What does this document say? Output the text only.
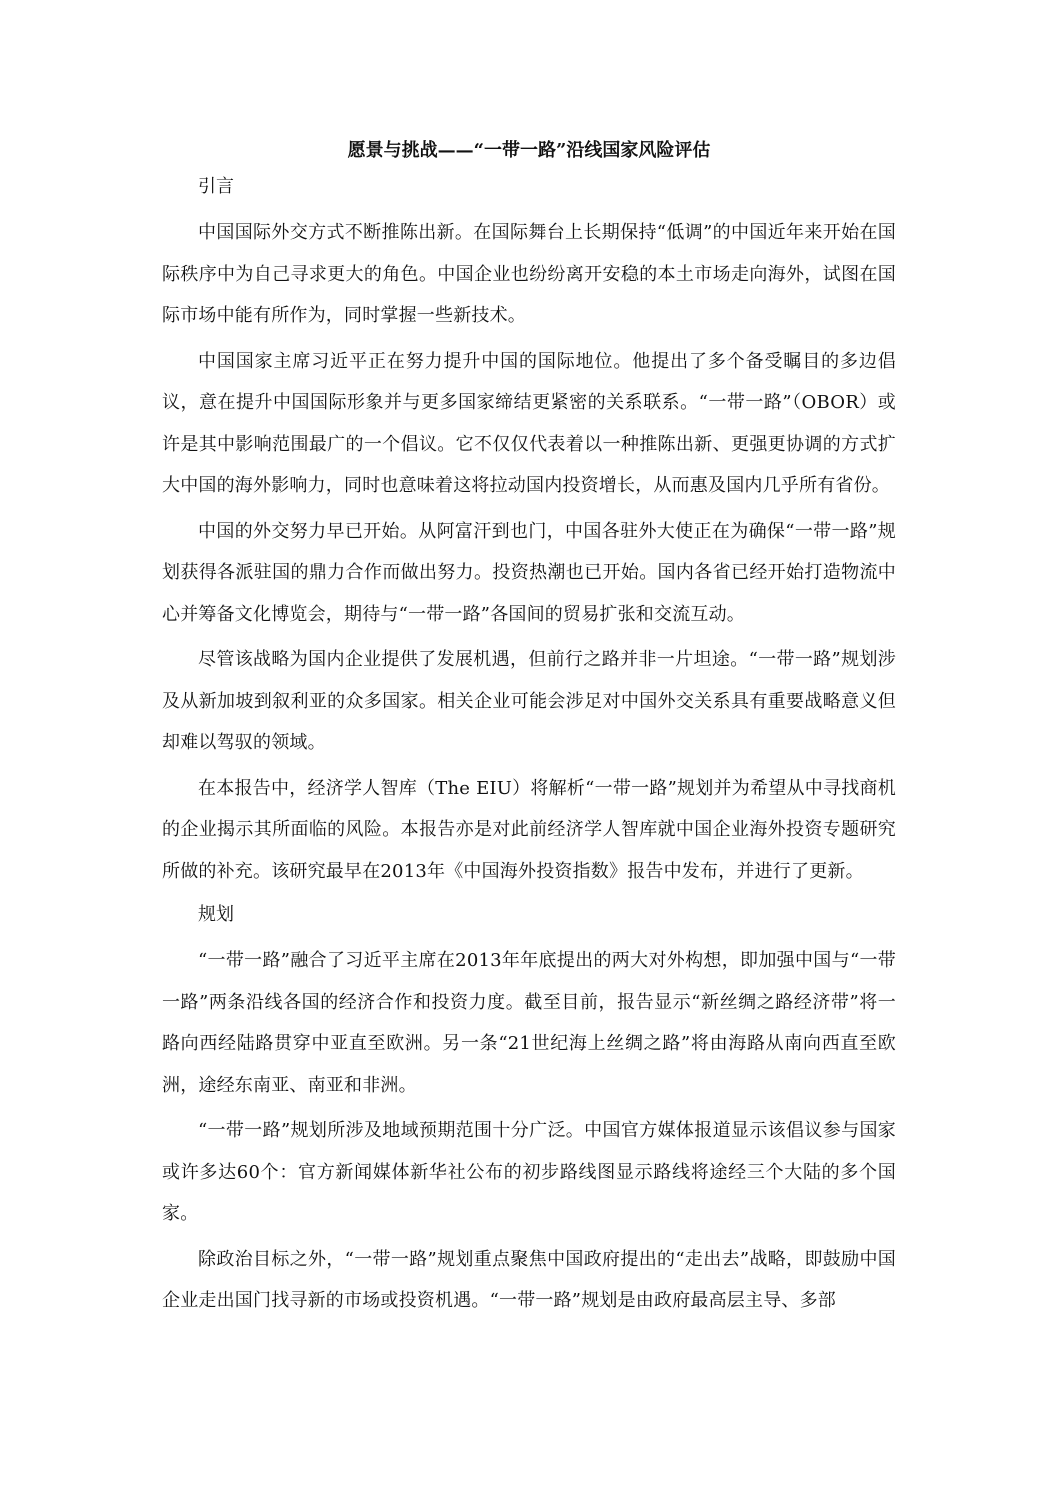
愿景与挑战——“一带一路”沿线国家风险评估
引言

中国国际外交方式不断推陈出新。在国际舞台上长期保持“低调”的中国近年来开始在国际秩序中为自己寻求更大的角色。中国企业也纷纷离开安稳的本土市场走向海外，试图在国际市场中能有所作为，同时掌握一些新技术。

中国国家主席习近平正在努力提升中国的国际地位。他提出了多个备受瞩目的多边倡议，意在提升中国国际形象并与更多国家缔结更紧密的关系联系。“一带一路”（OBOR）或许是其中影响范围最广的一个倡议。它不仅仅代表着以一种推陈出新、更强更协调的方式扩大中国的海外影响力，同时也意味着这将拉动国内投资增长，从而惠及国内几乎所有省份。

中国的外交努力早已开始。从阿富汗到也门，中国各驻外大使正在为确保“一带一路”规划获得各派驻国的鼎力合作而做出努力。投资热潮也已开始。国内各省已经开始打造物流中心并筹备文化博览会，期待与“一带一路”各国间的贸易扩张和交流互动。

尽管该战略为国内企业提供了发展机遇，但前行之路并非一片坦途。“一带一路”规划涉及从新加坡到叙利亚的众多国家。相关企业可能会涉足对中国外交关系具有重要战略意义但却难以驾驭的领域。

在本报告中，经济学人智库（The EIU）将解析“一带一路”规划并为希望从中寻找商机的企业揭示其所面临的风险。本报告亦是对此前经济学人智库就中国企业海外投资专题研究所做的补充。该研究最早在2013年《中国海外投资指数》报告中发布，并进行了更新。

规划

“一带一路”融合了习近平主席在2013年年底提出的两大对外构想，即加强中国与“一带一路”两条沿线各国的经济合作和投资力度。截至目前，报告显示“新丝绸之路经济带”将一路向西经陆路贯穿中亚直至欧洲。另一条“21世纪海上丝绸之路”将由海路从南向西直至欧洲，途经东南亚、南亚和非洲。

“一带一路”规划所涉及地域预期范围十分广泛。中国官方媒体报道显示该倡议参与国家或许多达60个：官方新闻媒体新华社公布的初步路线图显示路线将途经三个大陆的多个国家。

除政治目标之外，“一带一路”规划重点聚焦中国政府提出的“走出去”战略，即鼓励中国企业走出国门找寻新的市场或投资机遇。“一带一路”规划是由政府最高层主导、多部
